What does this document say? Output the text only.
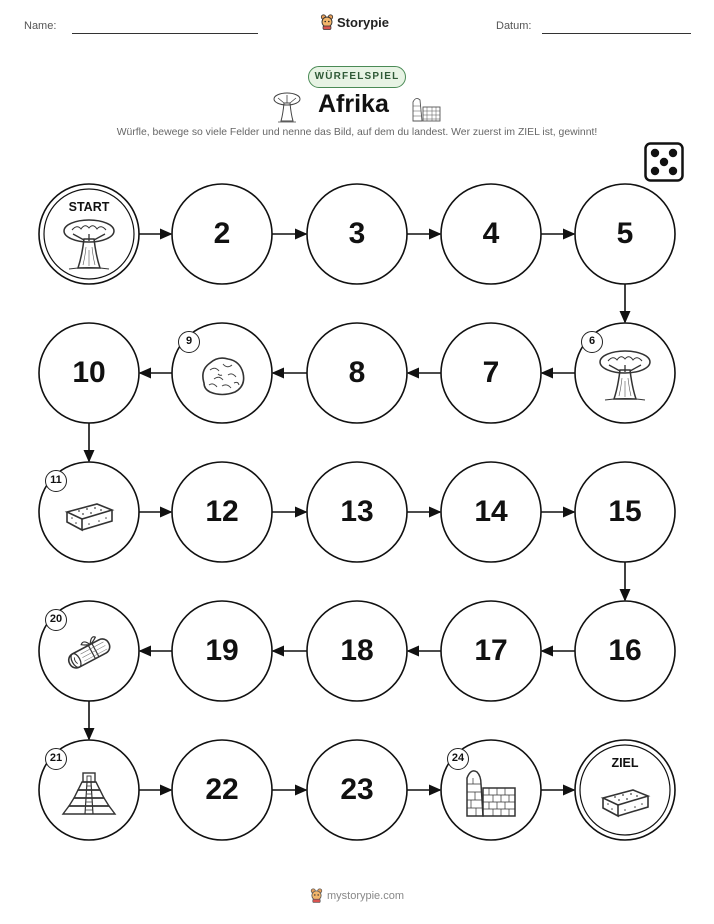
Name:	Storypie	Datum:
WÜRFELSPIEL
Afrika
Würfle, bewege so viele Felder und nenne das Bild, auf dem du landest. Wer zuerst im ZIEL ist, gewinnt!
START
2	3	4	5
6
7
8
9
10
11
12	13	14	15
16
17
18
19
20
21
22	23
24	ZIEL
mystorypie.com
